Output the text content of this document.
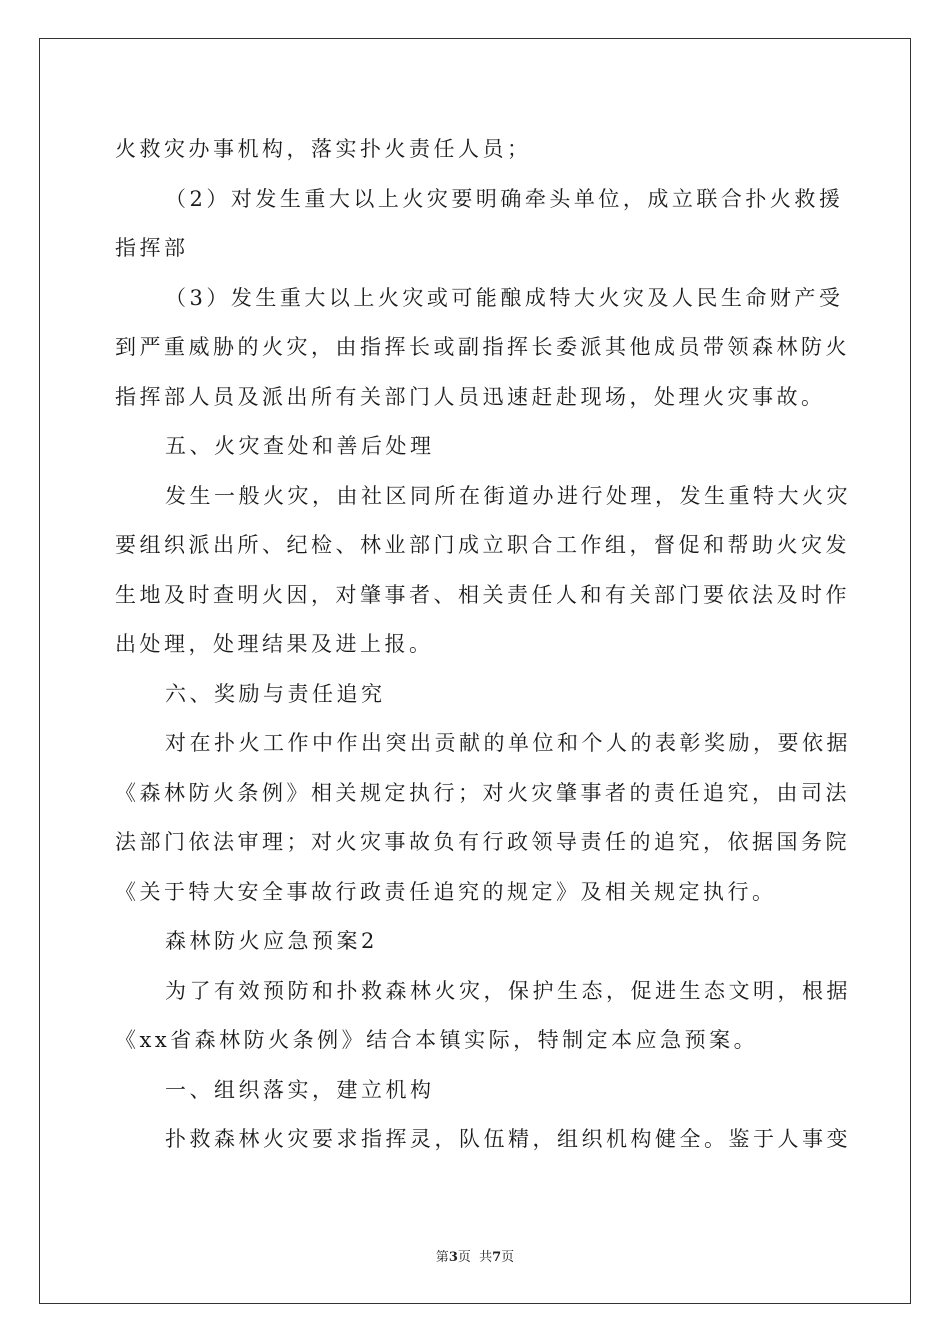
火救灾办事机构，落实扑火责任人员；
（2）对发生重大以上火灾要明确牵头单位，成立联合扑火救援
指挥部
（3）发生重大以上火灾或可能酿成特大火灾及人民生命财产受
到严重威胁的火灾，由指挥长或副指挥长委派其他成员带领森林防火
指挥部人员及派出所有关部门人员迅速赶赴现场，处理火灾事故。
五、火灾查处和善后处理
发生一般火灾，由社区同所在街道办进行处理，发生重特大火灾
要组织派出所、纪检、林业部门成立职合工作组，督促和帮助火灾发
生地及时查明火因，对肇事者、相关责任人和有关部门要依法及时作
出处理，处理结果及进上报。
六、奖励与责任追究
对在扑火工作中作出突出贡献的单位和个人的表彰奖励，要依据
《森林防火条例》相关规定执行；对火灾肇事者的责任追究，由司法
法部门依法审理；对火灾事故负有行政领导责任的追究，依据国务院
《关于特大安全事故行政责任追究的规定》及相关规定执行。
森林防火应急预案2
为了有效预防和扑救森林火灾，保护生态，促进生态文明，根据
《xx省森林防火条例》结合本镇实际，特制定本应急预案。
一、组织落实，建立机构
扑救森林火灾要求指挥灵，队伍精，组织机构健全。鉴于人事变
第3页  共7页
